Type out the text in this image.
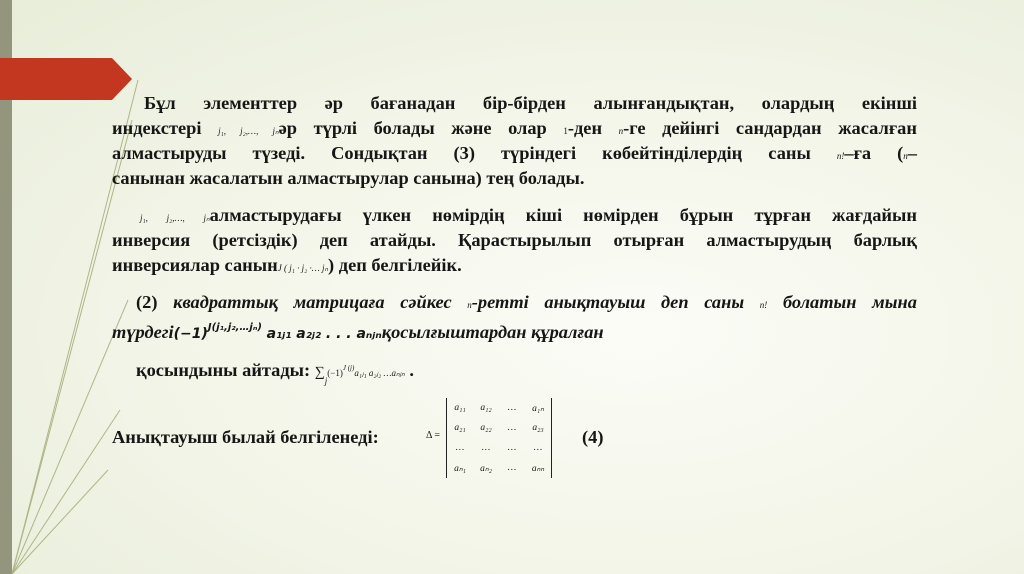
Бұл элементтер әр бағанадан бір-бірден алынғандықтан, олардың екінші
индекстері j₁, j₂,…, jₙәр түрлі болады және олар 1-ден n-ге дейінгі сандардан жасалған
алмастыруды түзеді. Сондықтан (3) түріндегі көбейтінділердің саны	n!–ға (n–
санынан жасалатын алмастырулар санына) тең болады.
j₁, j₂,…, jₙалмастырудағы үлкен нөмірдің кіші нөмірден бұрын тұрған жағдайын
инверсия (ретсіздік) деп атайды. Қарастырылып отырған алмастырудың барлық
инверсиялар санынJ ( j₁ · j₂ ·… jₙ) деп белгілейік.
(2) квадраттық матрицаға сәйкес n-ретті анықтауыш деп саны n! болатын мына
$түрдегі(-1)^{J(j_1,j_2,\dots j_n)}$ a₁ⱼ₁ a₂ⱼ₂ . . . aₙⱼₙқосылғыштардан құралған
қосындыны айтады: $\sum_j(-1)^{J (j)}a_1ⱼ_1$ a₂ⱼ₂ …aₙⱼₙ .
Анықтауыш былай белгіленеді:	Δ =
a₁₁	a₁₂	…	a₁ₙ
a₂₁	a₂₂	…	a₂₃
…	…	…	…
aₙ₁	aₙ₂	…	aₙₙ
(4)
